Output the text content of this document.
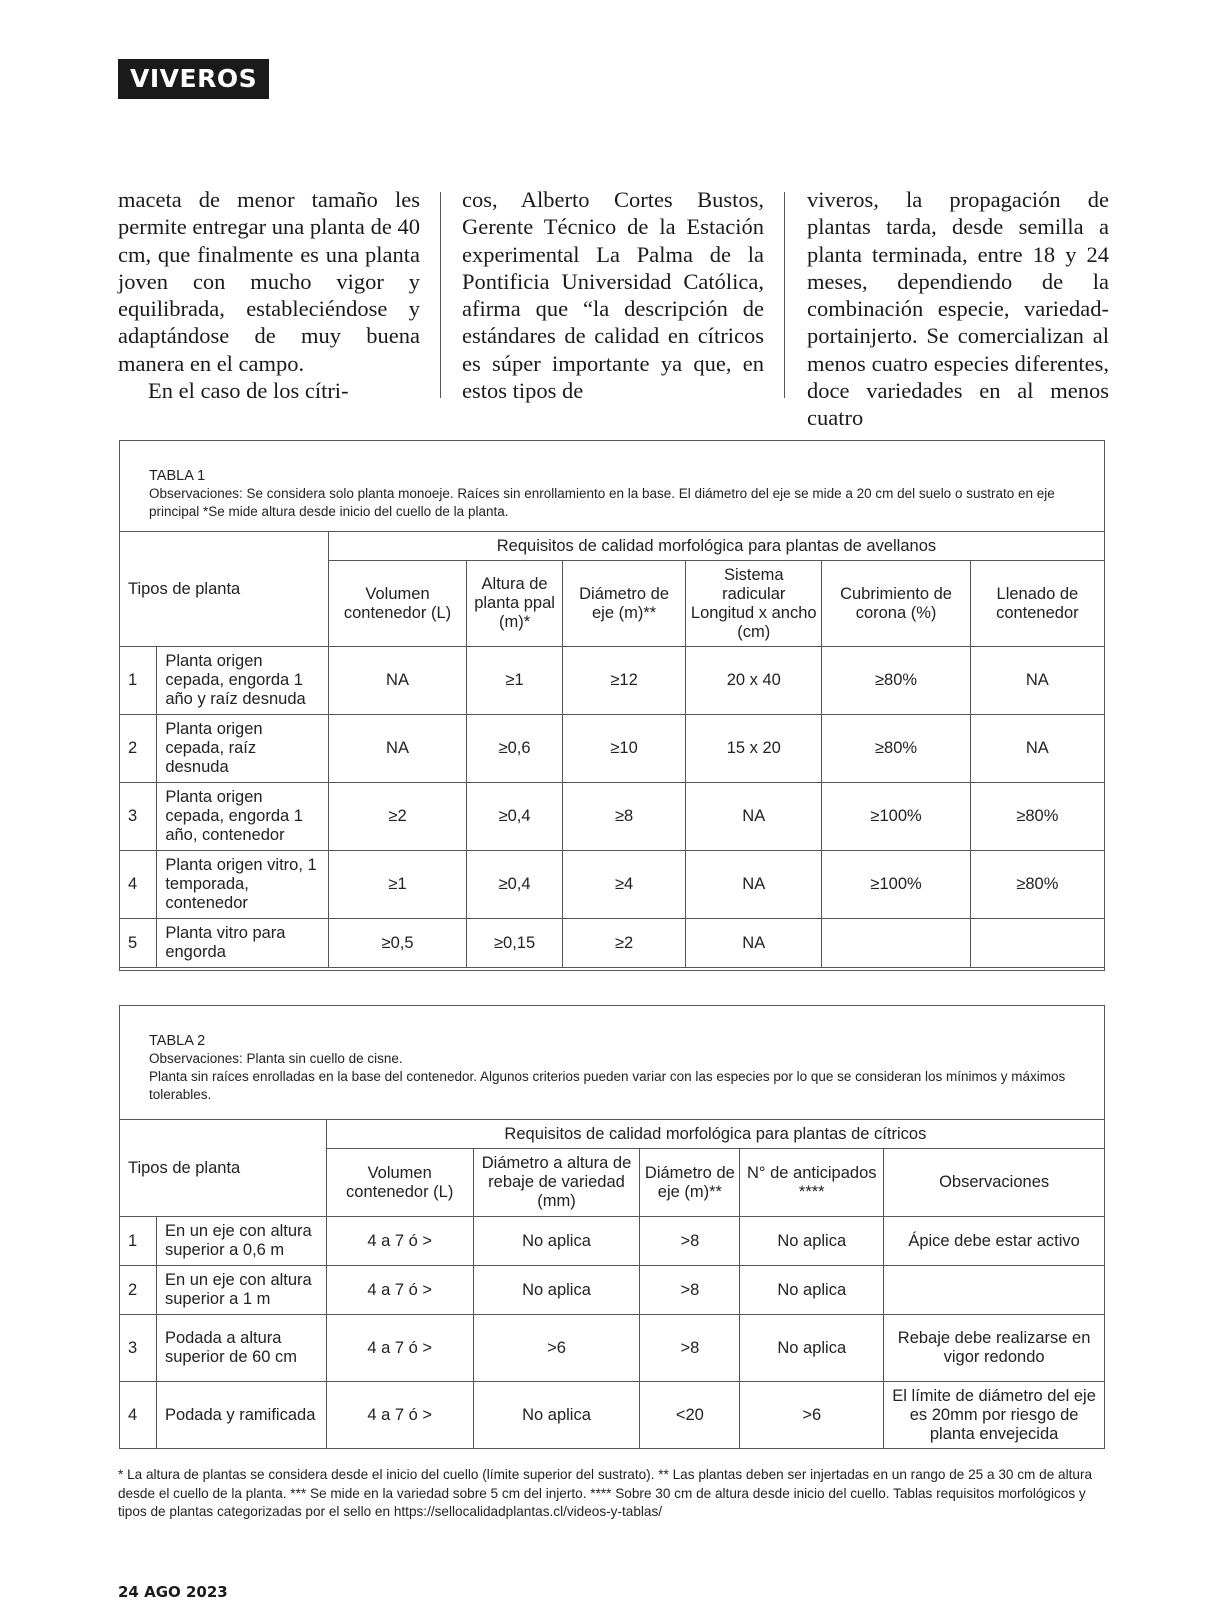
VIVEROS

maceta de menor tamaño les permite entregar una planta de 40 cm, que finalmente es una planta joven con mucho vigor y equilibrada, estableciéndose y adaptándose de muy buena manera en el campo.

En el caso de los cítri-

cos, Alberto Cortes Bustos, Gerente Técnico de la Estación experimental La Palma de la Pontificia Universidad Católica, afirma que “la descripción de estándares de calidad en cítricos es súper importante ya que, en estos tipos de

viveros, la propagación de plantas tarda, desde semilla a planta terminada, entre 18 y 24 meses, dependiendo de la combinación especie, variedad-portainjerto. Se comercializan al menos cuatro especies diferentes, doce variedades en al menos cuatro

TABLA 1
Observaciones: Se considera solo planta monoeje. Raíces sin enrollamiento en la base. El diámetro del eje se mide a 20 cm del suelo o sustrato en eje principal *Se mide altura desde inicio del cuello de la planta.
Tipos de planta		Requisitos de calidad morfológica para plantas de avellanos					
		Volumen contenedor (L)	Altura de planta ppal (m)*	Diámetro de eje (m)**	Sistema radicular Longitud x ancho (cm)	Cubrimiento de corona (%)	Llenado de contenedor
1	Planta origen cepada, engorda 1 año y raíz desnuda	NA	≥1	≥12	20 x 40	≥80%	NA
2	Planta origen cepada, raíz desnuda	NA	≥0,6	≥10	15 x 20	≥80%	NA
3	Planta origen cepada, engorda 1 año, contenedor	≥2	≥0,4	≥8	NA	≥100%	≥80%
4	Planta origen vitro, 1 temporada, contenedor	≥1	≥0,4	≥4	NA	≥100%	≥80%
5	Planta vitro para engorda	≥0,5	≥0,15	≥2	NA		
TABLA 2
Observaciones: Planta sin cuello de cisne.
Planta sin raíces enrolladas en la base del contenedor. Algunos criterios pueden variar con las especies por lo que se consideran los mínimos y máximos tolerables.
Tipos de planta		Requisitos de calidad morfológica para plantas de cítricos				
		Volumen contenedor (L)	Diámetro a altura de rebaje de variedad (mm)	Diámetro de eje (m)**	N° de anticipados ****	Observaciones
1	En un eje con altura superior a 0,6 m	4 a 7 ó >	No aplica	>8	No aplica	Ápice debe estar activo
2	En un eje con altura superior a 1 m	4 a 7 ó >	No aplica	>8	No aplica	
3	Podada a altura superior de 60 cm	4 a 7 ó >	>6	>8	No aplica	Rebaje debe realizarse en vigor redondo
4	Podada y ramificada	4 a 7 ó >	No aplica	<20	>6	El límite de diámetro del eje es 20mm por riesgo de planta envejecida
* La altura de plantas se considera desde el inicio del cuello (límite superior del sustrato). ** Las plantas deben ser injertadas en un rango de 25 a 30 cm de altura desde el cuello de la planta. *** Se mide en la variedad sobre 5 cm del injerto. **** Sobre 30 cm de altura desde inicio del cuello. Tablas requisitos morfológicos y tipos de plantas categorizadas por el sello en https://sellocalidadplantas.cl/videos-y-tablas/
24 AGO 2023
